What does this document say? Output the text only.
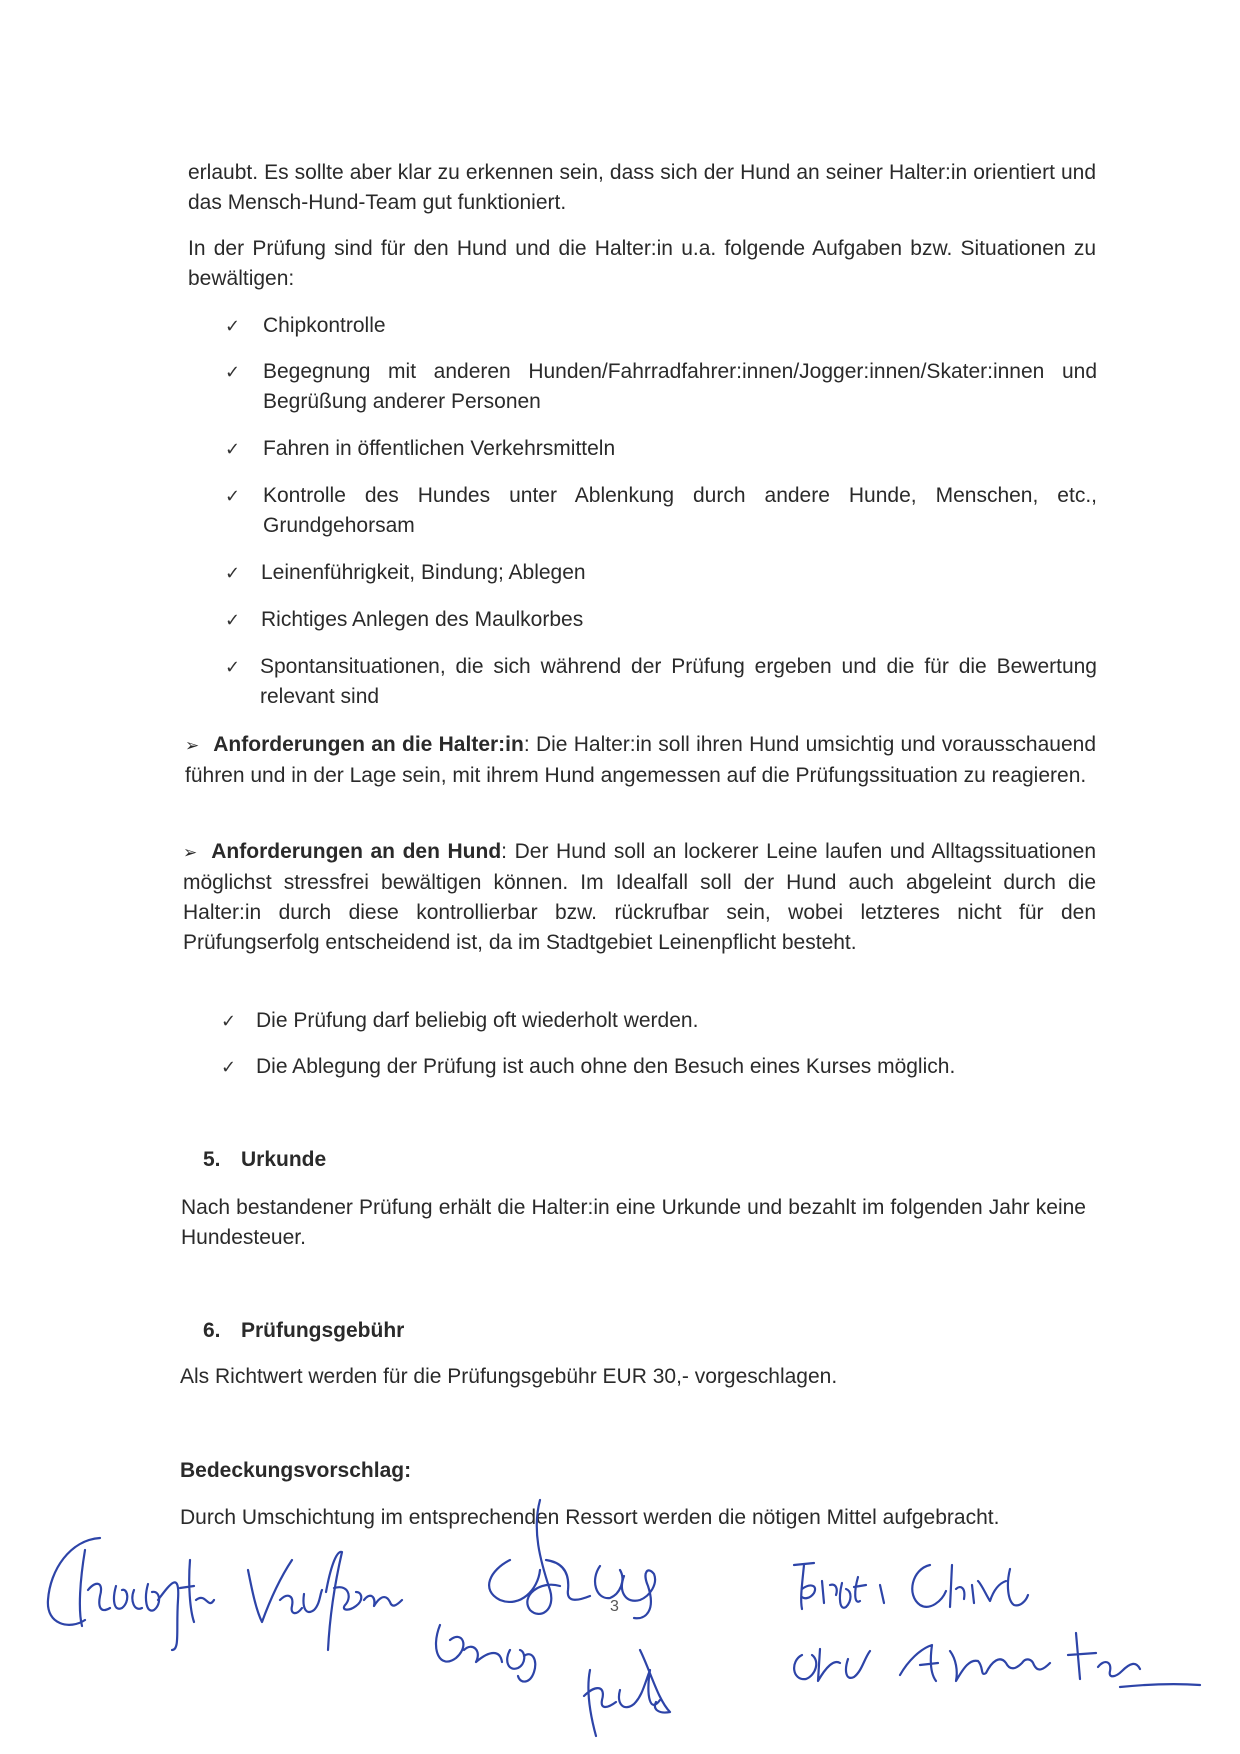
erlaubt. Es sollte aber klar zu erkennen sein, dass sich der Hund an seiner Halter:in orientiert und das Mensch-Hund-Team gut funktioniert.

In der Prüfung sind für den Hund und die Halter:in u.a. folgende Aufgaben bzw. Situationen zu bewältigen:

✓	Chipkontrolle
✓	Begegnung mit anderen Hunden/Fahrradfahrer:innen/Jogger:innen/Skater:innen und Begrüßung anderer Personen
✓	Fahren in öffentlichen Verkehrsmitteln
✓	Kontrolle des Hundes unter Ablenkung durch andere Hunde, Menschen, etc., Grundgehorsam
✓ Leinenführigkeit, Bindung; Ablegen
✓ Richtiges Anlegen des Maulkorbes
✓ Spontansituationen, die sich während der Prüfung ergeben und die für die Bewertung relevant sind

➢ Anforderungen an die Halter:in: Die Halter:in soll ihren Hund umsichtig und vorausschauend führen und in der Lage sein, mit ihrem Hund angemessen auf die Prüfungssituation zu reagieren.

➢ Anforderungen an den Hund: Der Hund soll an lockerer Leine laufen und Alltagssituationen möglichst stressfrei bewältigen können. Im Idealfall soll der Hund auch abgeleint durch die Halter:in durch diese kontrollierbar bzw. rückrufbar sein, wobei letzteres nicht für den Prüfungserfolg entscheidend ist, da im Stadtgebiet Leinenpflicht besteht.

✓ Die Prüfung darf beliebig oft wiederholt werden.
✓ Die Ablegung der Prüfung ist auch ohne den Besuch eines Kurses möglich.
5. Urkunde

Nach bestandener Prüfung erhält die Halter:in eine Urkunde und bezahlt im folgenden Jahr keine Hundesteuer.

6. Prüfungsgebühr

Als Richtwert werden für die Prüfungsgebühr EUR 30,- vorgeschlagen.

Bedeckungsvorschlag:

Durch Umschichtung im entsprechenden Ressort werden die nötigen Mittel aufgebracht.

3
